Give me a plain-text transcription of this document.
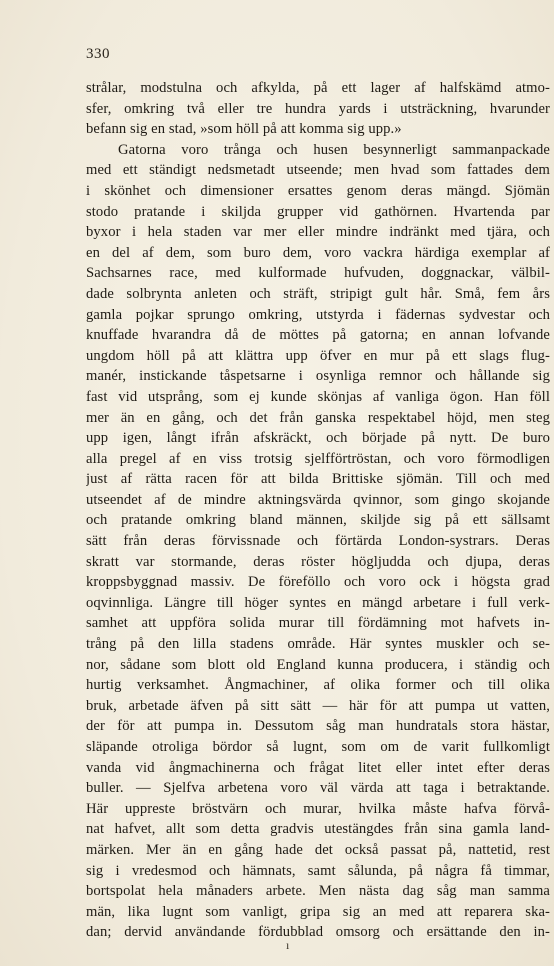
330
strålar, modstulna och afkylda, på ett lager af halfskämd atmo-
sfer, omkring två eller tre hundra yards i utsträckning, hvarunder
befann sig en stad, »som höll på att komma sig upp.»
Gatorna voro trånga och husen besynnerligt sammanpackade
med ett ständigt nedsmetadt utseende; men hvad som fattades dem
i skönhet och dimensioner ersattes genom deras mängd. Sjömän
stodo pratande i skiljda grupper vid gathörnen. Hvartenda par
byxor i hela staden var mer eller mindre indränkt med tjära, och
en del af dem, som buro dem, voro vackra härdiga exemplar af
Sachsarnes race, med kulformade hufvuden, doggnackar, välbil-
dade solbrynta anleten och sträft, stripigt gult hår. Små, fem års
gamla pojkar sprungo omkring, utstyrda i fädernas sydvestar och
knuffade hvarandra då de möttes på gatorna; en annan lofvande
ungdom höll på att klättra upp öfver en mur på ett slags flug-
manér, instickande tåspetsarne i osynliga remnor och hållande sig
fast vid utsprång, som ej kunde skönjas af vanliga ögon. Han föll
mer än en gång, och det från ganska respektabel höjd, men steg
upp igen, långt ifrån afskräckt, och började på nytt. De buro
alla pregel af en viss trotsig sjelfförtröstan, och voro förmodligen
just af rätta racen för att bilda Brittiske sjömän. Till och med
utseendet af de mindre aktningsvärda qvinnor, som gingo skojande
och pratande omkring bland männen, skiljde sig på ett sällsamt
sätt från deras förvissnade och förtärda London-systrars. Deras
skratt var stormande, deras röster högljudda och djupa, deras
kroppsbyggnad massiv. De föreföllo och voro ock i högsta grad
oqvinnliga. Längre till höger syntes en mängd arbetare i full verk-
samhet att uppföra solida murar till fördämning mot hafvets in-
trång på den lilla stadens område. Här syntes muskler och se-
nor, sådane som blott old England kunna producera, i ständig och
hurtig verksamhet. Ångmachiner, af olika former och till olika
bruk, arbetade äfven på sitt sätt — här för att pumpa ut vatten,
der för att pumpa in. Dessutom såg man hundratals stora hästar,
släpande otroliga bördor så lugnt, som om de varit fullkomligt
vanda vid ångmachinerna och frågat litet eller intet efter deras
buller. — Sjelfva arbetena voro väl värda att taga i betraktande.
Här uppreste bröstvärn och murar, hvilka måste hafva förvå-
nat hafvet, allt som detta gradvis utestängdes från sina gamla land-
märken. Mer än en gång hade det också passat på, nattetid, rest
sig i vredesmod och hämnats, samt sålunda, på några få timmar,
bortspolat hela månaders arbete. Men nästa dag såg man samma
män, lika lugnt som vanligt, gripa sig an med att reparera ska-
dan; dervid användande fördubblad omsorg och ersättande den in-
ı
